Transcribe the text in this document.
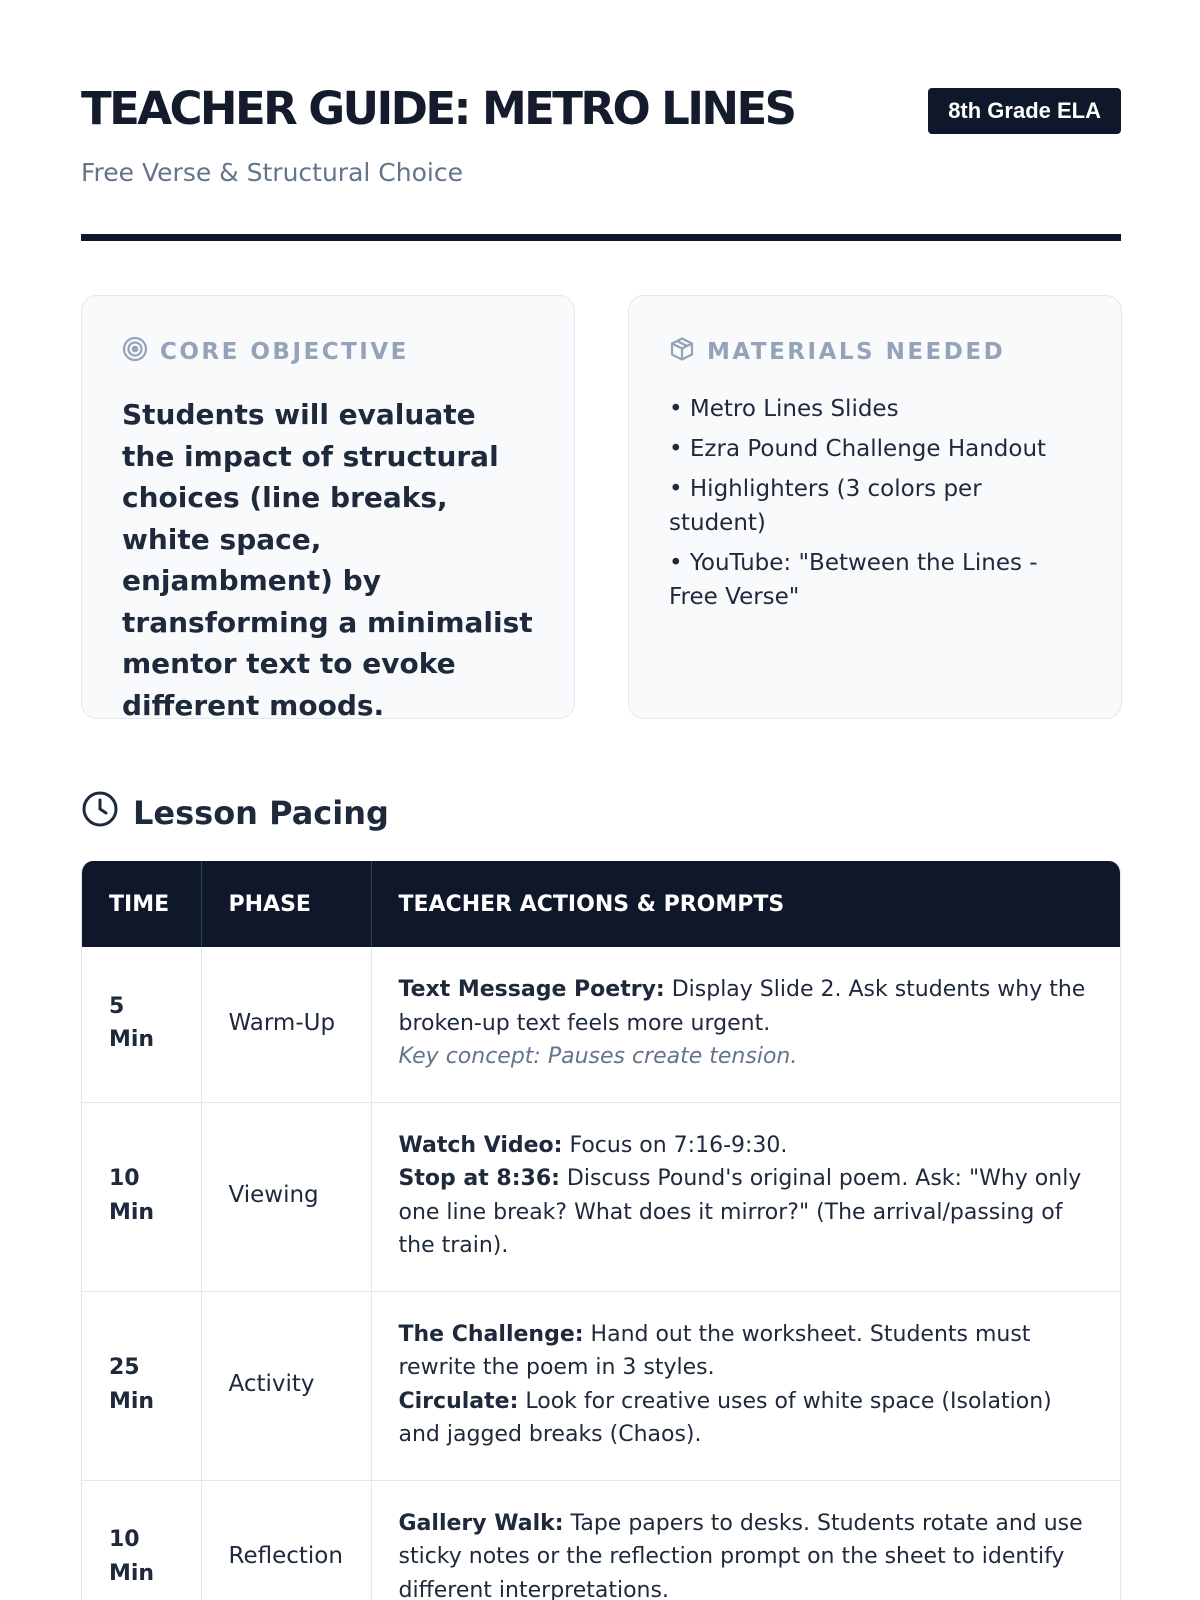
TEACHER GUIDE: METRO LINES	8th Grade ELA
Free Verse & Structural Choice
CORE OBJECTIVE
Students will evaluate the impact of structural choices (line breaks, white space, enjambment) by transforming a minimalist mentor text to evoke different moods.
MATERIALS NEEDED
• Metro Lines Slides
• Ezra Pound Challenge Handout
• Highlighters (3 colors per student)
• YouTube: "Between the Lines - Free Verse"
Lesson Pacing
TIME	PHASE	TEACHER ACTIONS & PROMPTS
5 Min	Warm-Up	Text Message Poetry: Display Slide 2. Ask students why the broken-up text feels more urgent.
Key concept: Pauses create tension.

10 Min	Viewing	Watch Video: Focus on 7:16-9:30.
Stop at 8:36: Discuss Pound's original poem. Ask: "Why only one line break? What does it mirror?" (The arrival/passing of the train).

25 Min	Activity	The Challenge: Hand out the worksheet. Students must rewrite the poem in 3 styles.
Circulate: Look for creative uses of white space (Isolation) and jagged breaks (Chaos).

10 Min	Reflection	Gallery Walk: Tape papers to desks. Students rotate and use sticky notes or the reflection prompt on the sheet to identify different interpretations.
